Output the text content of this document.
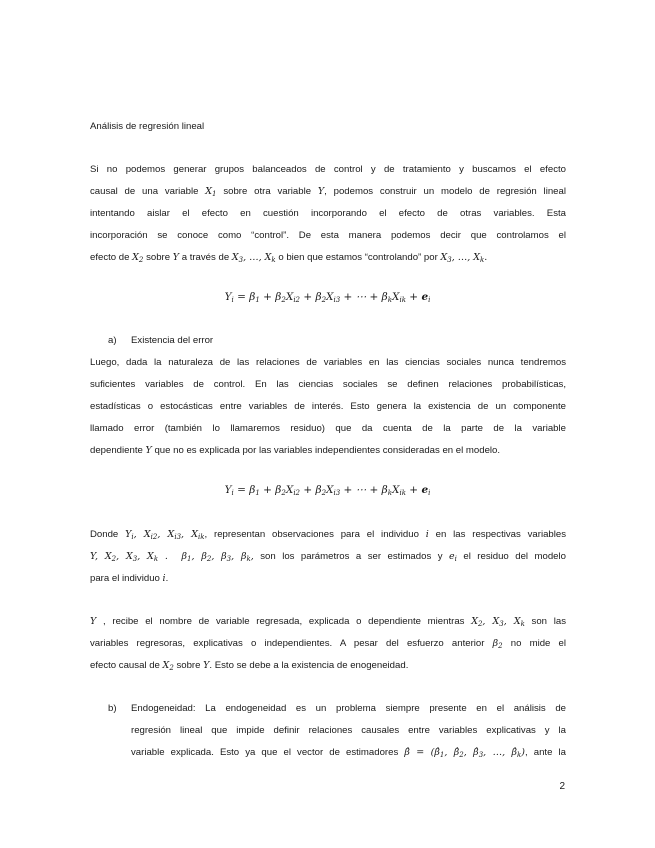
Análisis de regresión lineal
Si no podemos generar grupos balanceados de control y de tratamiento y buscamos el efecto
causal de una variable $X_1$ sobre otra variable Y, podemos construir un modelo de regresión lineal
intentando aislar el efecto en cuestión incorporando el efecto de otras variables. Esta
incorporación se conoce como “control”. De esta manera podemos decir que controlamos el
efecto de $X_2$ sobre Y a través de $X_3$, …, $X_k$ o bien que estamos “controlando” por $X_3$, …, $X_k$.
$Y_i = \beta_1 + \beta_2X_{i2} + \beta_2X_{i3}$ + ⋯ + $\beta_kX_{ik} + e_i$
a) Existencia del error
Luego, dada la naturaleza de las relaciones de variables en las ciencias sociales nunca tendremos
suficientes variables de control. En las ciencias sociales se definen relaciones probabilísticas,
estadísticas o estocásticas entre variables de interés. Esto genera la existencia de un componente
llamado error (también lo llamaremos residuo) que da cuenta de la parte de la variable
dependiente Y que no es explicada por las variables independientes consideradas en el modelo.
$Y_i = \beta_1 + \beta_2X_{i2} + \beta_2X_{i3}$ + ⋯ + $\beta_kX_{ik} + e_i$
Donde $Y_i$, $X_{i2}$, $X_{i3}$, $X_{ik}$, representan observaciones para el individuo i en las respectivas variables
Y, $X_2$, $X_3$, $X_k$ .  $\beta_1$, $\beta_2$, $\beta_3$, $\beta_k$, son los parámetros a ser estimados y $e_i$ el residuo del modelo
para el individuo i.
Y , recibe el nombre de variable regresada, explicada o dependiente mientras $X_2$, $X_3$, $X_k$ son las
variables regresoras, explicativas o independientes. A pesar del esfuerzo anterior $\beta_2$ no mide el
efecto causal de $X_2$ sobre Y. Esto se debe a la existencia de enogeneidad.
b) Endogeneidad: La endogeneidad es un problema siempre presente en el análisis de
regresión lineal que impide definir relaciones causales entre variables explicativas y la
variable explicada. Esto ya que el vector de estimadores β̂ = ($\betâ_1$, $\betâ_2$, $\betâ_3$, …, $\betâ_k$), ante la
2
